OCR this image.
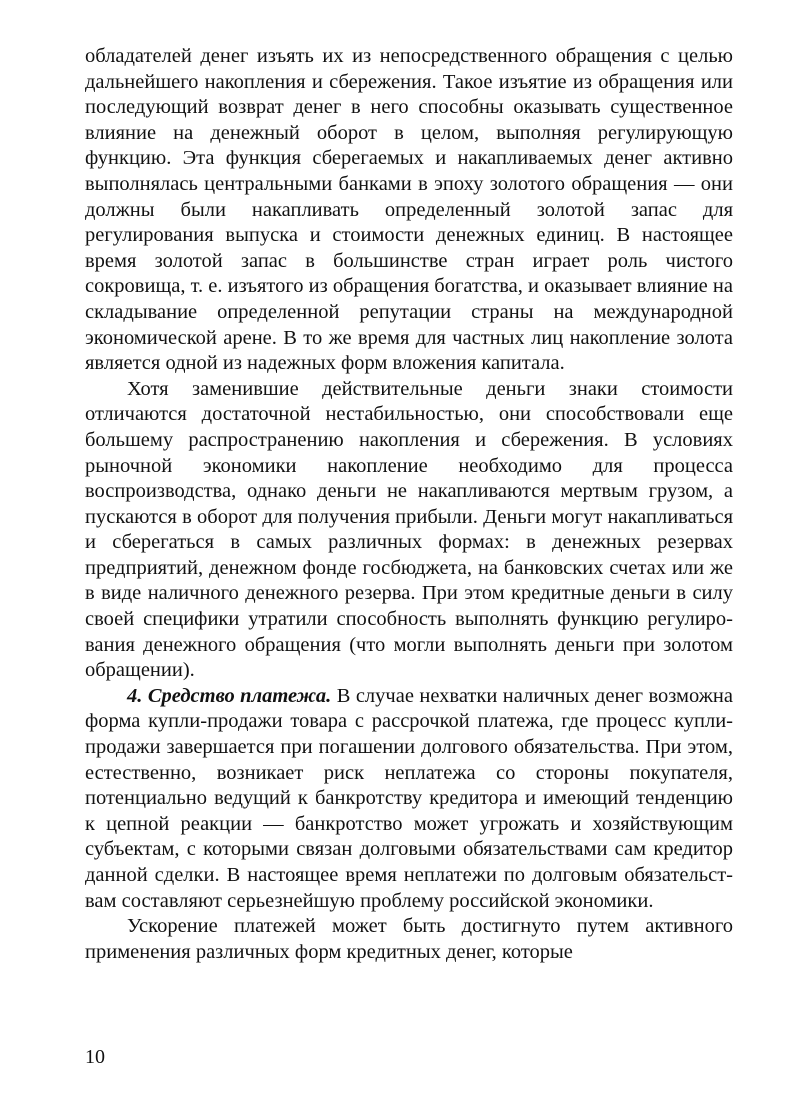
обладателей денег изъять их из непосредственного обращения с целью дальнейшего накопления и сбережения. Такое изъятие из обращения или последующий возврат денег в него способны оказывать существенное влияние на денежный оборот в целом, выполняя регулирующую функцию. Эта функция сберегаемых и накапливаемых денег активно выполнялась центральными банками в эпоху золотого обращения — они должны были накапливать определенный золотой запас для регулирования выпуска и стоимости денежных единиц. В настоящее время золотой запас в большинстве стран играет роль чистого сокровища, т. е. изъятого из обращения богатства, и оказывает влияние на складывание определенной репутации страны на международной экономической арене. В то же время для частных лиц накопление золота является одной из надежных форм вложения капитала.

Хотя заменившие действительные деньги знаки стоимости отличаются достаточной нестабильностью, они способствовали еще большему распространению накопления и сбережения. В условиях рыночной экономики накопление необходимо для процесса воспроизводства, однако деньги не накапливаются мертвым грузом, а пускаются в оборот для получения прибыли. Деньги могут накапливаться и сберегаться в самых различных формах: в денежных резервах предприятий, денежном фонде госбюджета, на банковских счетах или же в виде наличного денежного резерва. При этом кредитные деньги в силу своей специфики утратили способность выполнять функцию регулирования денежного обращения (что могли выполнять деньги при золотом обращении).

4. Средство платежа. В случае нехватки наличных денег возможна форма купли-продажи товара с рассрочкой платежа, где процесс купли-продажи завершается при погашении долгового обязательства. При этом, естественно, возникает риск неплатежа со стороны покупателя, потенциально ведущий к банкротству кредитора и имеющий тенденцию к цепной реакции — банкротство может угрожать и хозяйствующим субъектам, с которыми связан долговыми обязательствами сам кредитор данной сделки. В настоящее время неплатежи по долговым обязательствам составляют серьезнейшую проблему российской экономики.

Ускорение платежей может быть достигнуто путем активного применения различных форм кредитных денег, которые

10
